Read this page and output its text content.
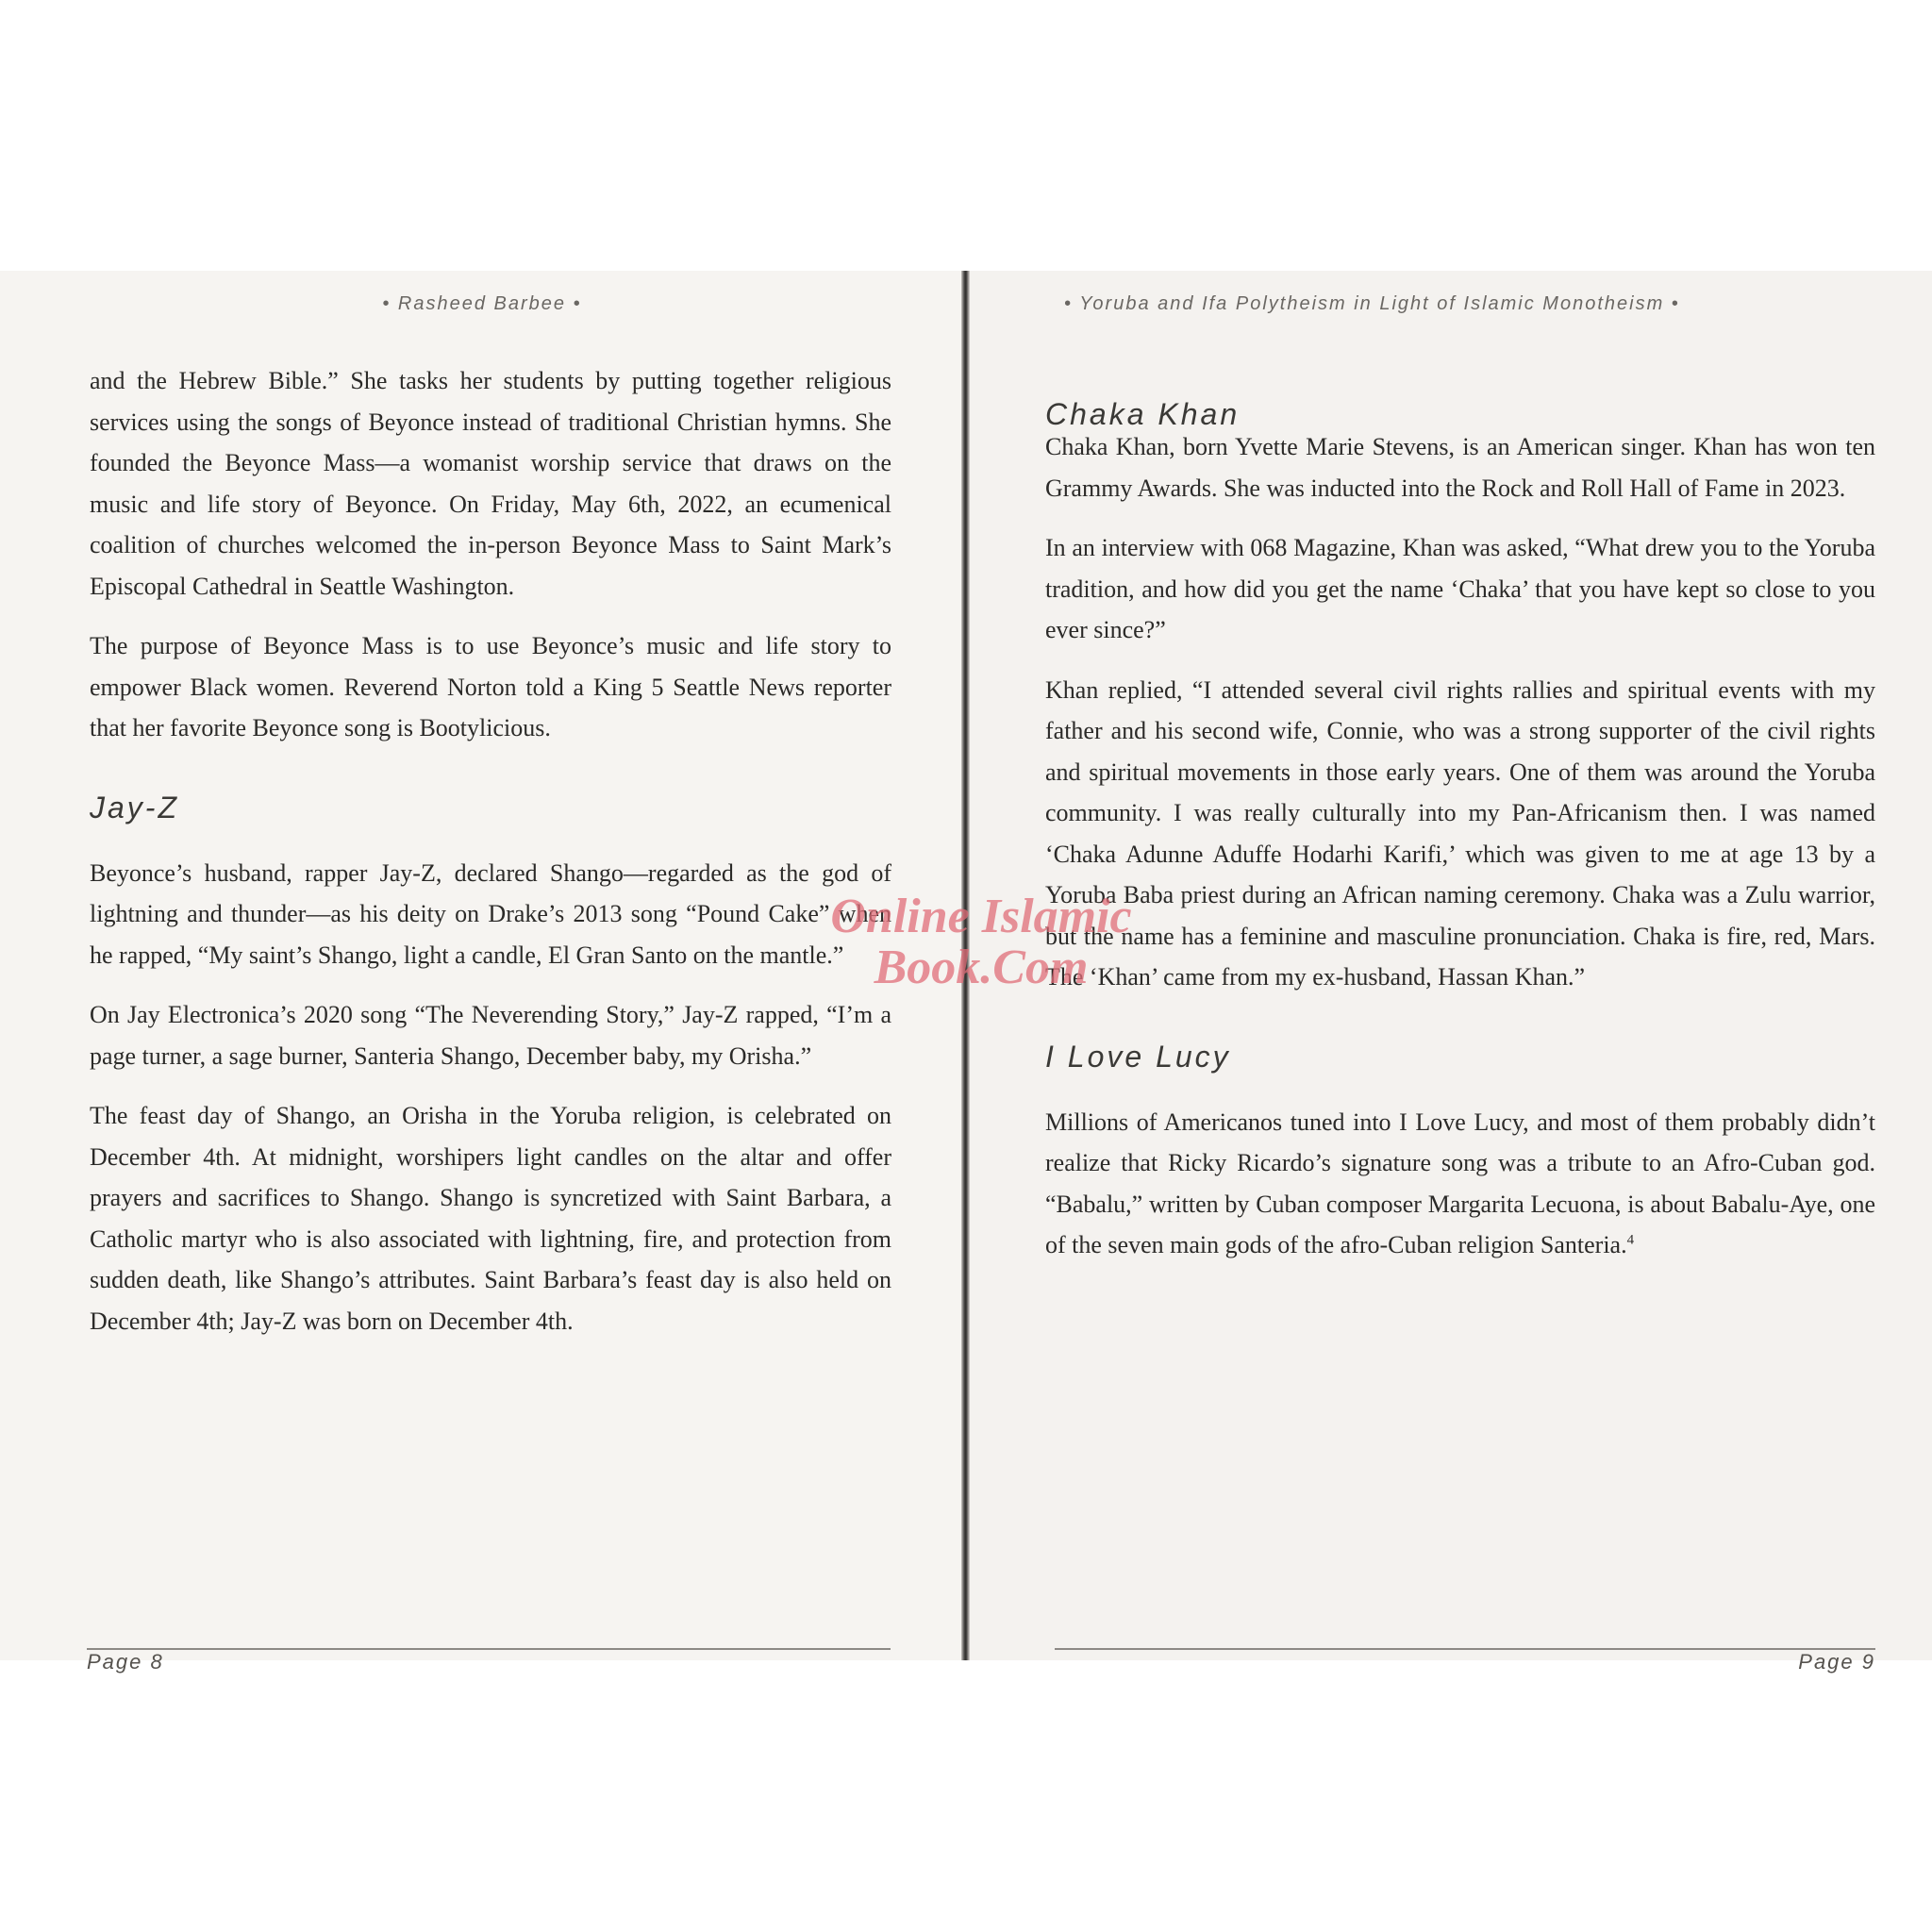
• Rasheed Barbee •

and the Hebrew Bible.” She tasks her students by putting together religious services using the songs of Beyonce instead of traditional Christian hymns. She founded the Beyonce Mass—a womanist worship service that draws on the music and life story of Beyonce. On Friday, May 6th, 2022, an ecumenical coalition of churches welcomed the in-person Beyonce Mass to Saint Mark’s Episcopal Cathedral in Seattle Washington.

The purpose of Beyonce Mass is to use Beyonce’s music and life story to empower Black women. Reverend Norton told a King 5 Seattle News reporter that her favorite Beyonce song is Bootylicious.

Jay-Z

Beyonce’s husband, rapper Jay-Z, declared Shango—regarded as the god of lightning and thunder—as his deity on Drake’s 2013 song “Pound Cake” when he rapped, “My saint’s Shango, light a candle, El Gran Santo on the mantle.”

On Jay Electronica’s 2020 song “The Neverending Story,” Jay-Z rapped, “I’m a page turner, a sage burner, Santeria Shango, December baby, my Orisha.”

The feast day of Shango, an Orisha in the Yoruba religion, is celebrated on December 4th. At midnight, worshipers light candles on the altar and offer prayers and sacrifices to Shango. Shango is syncretized with Saint Barbara, a Catholic martyr who is also associated with lightning, fire, and protection from sudden death, like Shango’s attributes. Saint Barbara’s feast day is also held on December 4th; Jay-Z was born on December 4th.

Page 8
• Yoruba and Ifa Polytheism in Light of Islamic Monotheism •
Chaka Khan

Chaka Khan, born Yvette Marie Stevens, is an American singer. Khan has won ten Grammy Awards. She was inducted into the Rock and Roll Hall of Fame in 2023.

In an interview with 068 Magazine, Khan was asked, “What drew you to the Yoruba tradition, and how did you get the name ‘Chaka’ that you have kept so close to you ever since?”

Khan replied, “I attended several civil rights rallies and spiritual events with my father and his second wife, Connie, who was a strong supporter of the civil rights and spiritual movements in those early years. One of them was around the Yoruba community. I was really culturally into my Pan-Africanism then. I was named ‘Chaka Adunne Aduffe Hodarhi Karifi,’ which was given to me at age 13 by a Yoruba Baba priest during an African naming ceremony. Chaka was a Zulu warrior, but the name has a feminine and masculine pronunciation. Chaka is fire, red, Mars. The ‘Khan’ came from my ex-husband, Hassan Khan.”

I Love Lucy

Millions of Americanos tuned into I Love Lucy, and most of them probably didn’t realize that Ricky Ricardo’s signature song was a tribute to an Afro-Cuban god. “Babalu,” written by Cuban composer Margarita Lecuona, is about Babalu-Aye, one of the seven main gods of the afro-Cuban religion Santeria.$^4$

Page 9
Online Islamic
Book.Com
